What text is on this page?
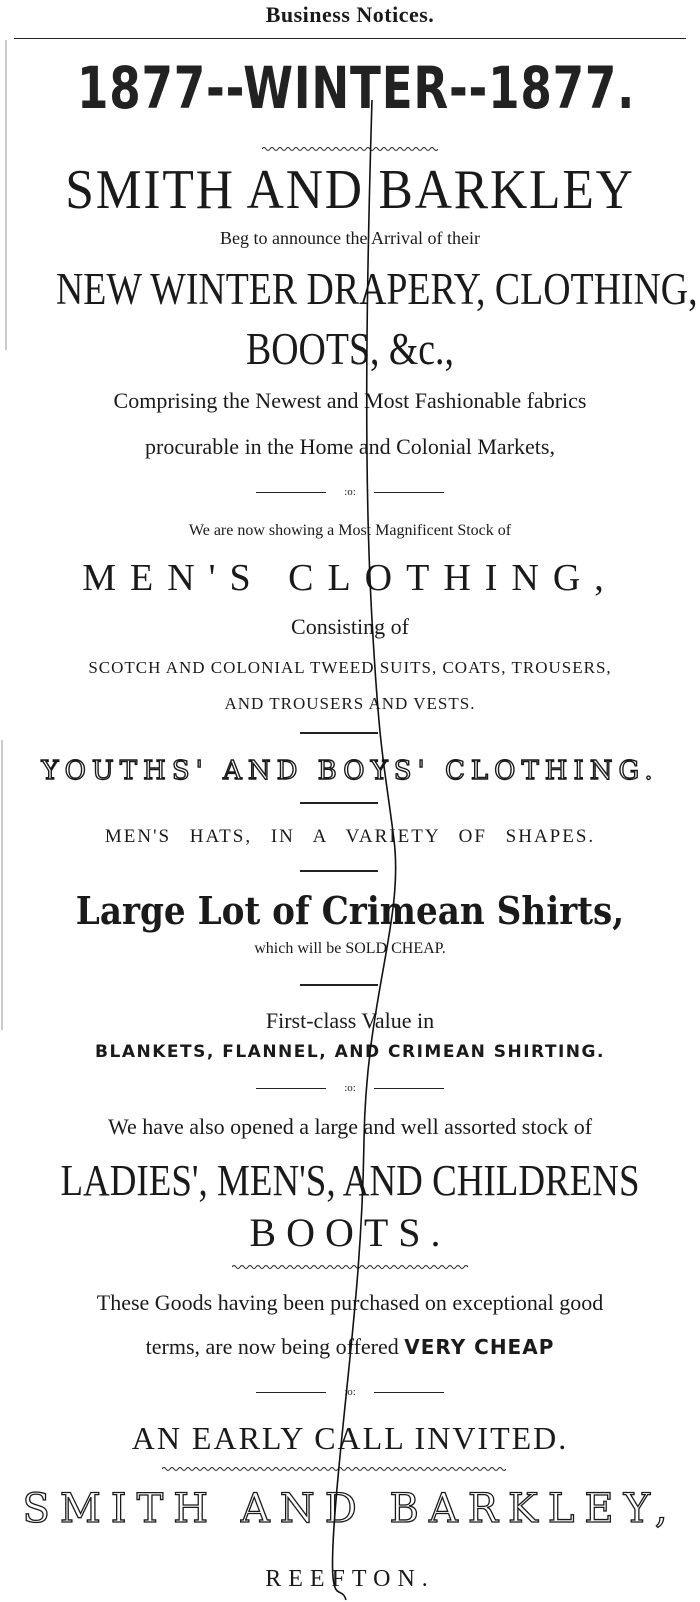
Business Notices.
1877--WINTER--1877.
SMITH AND BARKLEY
Beg to announce the Arrival of their
NEW WINTER DRAPERY, CLOTHING,
BOOTS, &c.,
Comprising the Newest and Most Fashionable fabrics
procurable in the Home and Colonial Markets,
:o:
We are now showing a Most Magnificent Stock of
MEN'S CLOTHING,
Consisting of
SCOTCH AND COLONIAL TWEED SUITS, COATS, TROUSERS,
AND TROUSERS AND VESTS.
YOUTHS' AND BOYS' CLOTHING.
MEN'S HATS, IN A VARIETY OF SHAPES.
Large Lot of Crimean Shirts,
which will be SOLD CHEAP.
First-class Value in
BLANKETS, FLANNEL, AND CRIMEAN SHIRTING.
:o:
We have also opened a large and well assorted stock of
LADIES', MEN'S, AND CHILDRENS
BOOTS.
These Goods having been purchased on exceptional good
terms, are now being offered VERY CHEAP
:o:
AN EARLY CALL INVITED.
SMITH AND BARKLEY,
REEFTON.
